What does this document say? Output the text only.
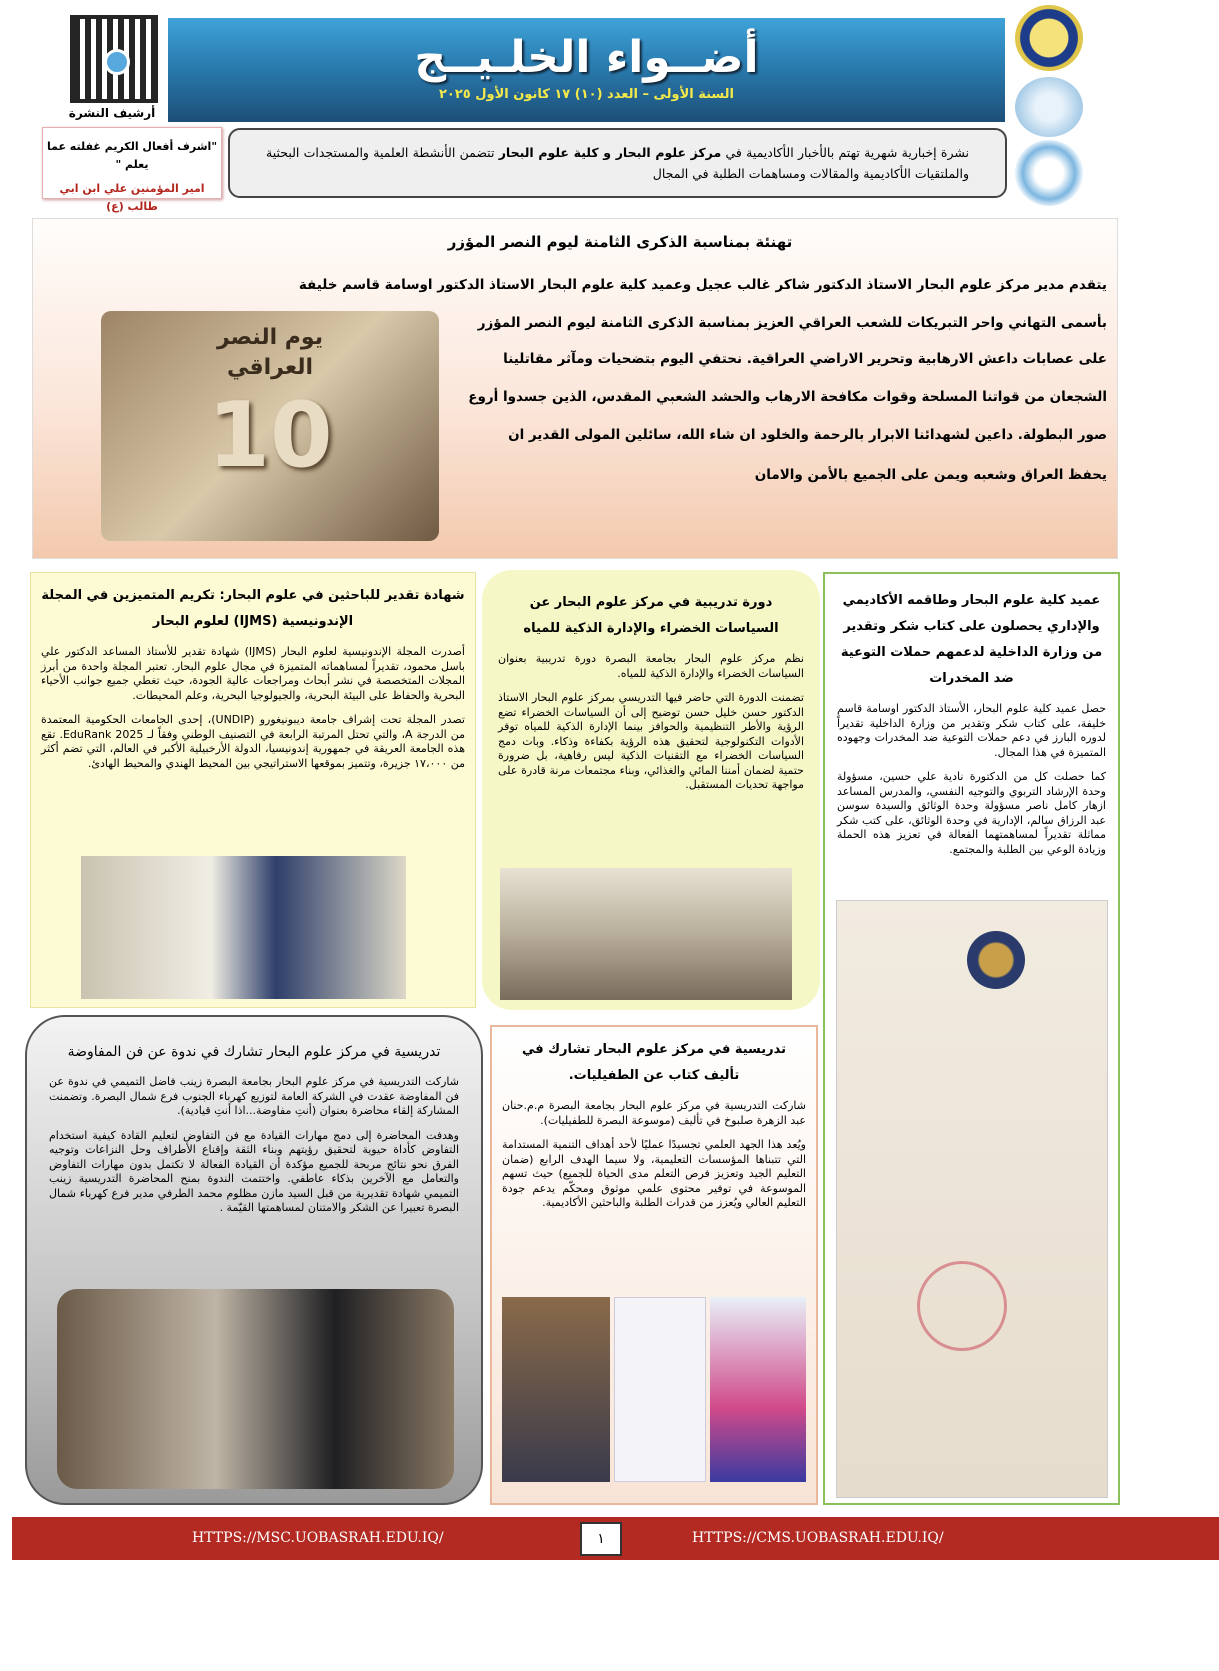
أضــواء الخلـيــج
السنة الأولى – العدد (١٠) ١٧ كانون الأول ٢٠٢٥
أرشيف النشرة
"اشرف أفعال الكريم غفلته عما يعلم "
امير المؤمنين علي ابن ابي طالب (ع)
نشرة إخبارية شهرية تهتم بالأخبار الأكاديمية في مركز علوم البحار و كلية علوم البحار تتضمن الأنشطة العلمية والمستجدات البحثية والملتقيات الأكاديمية والمقالات ومساهمات الطلبة في المجال
تهنئة بمناسبة الذكرى الثامنة ليوم النصر المؤزر
يتقدم مدير مركز علوم البحار الاستاذ الدكتور شاكر غالب عجيل وعميد كلية علوم البحار الاستاذ الدكتور اوسامة قاسم خليفة
بأسمى التهاني واحر التبريكات للشعب العراقي العزيز بمناسبة الذكرى الثامنة ليوم النصر المؤزر
على عصابات داعش الارهابية وتحرير الاراضي العراقية. نحتفي اليوم بتضحيات ومآثر مقاتلينا
الشجعان من قواتنا المسلحة وقوات مكافحة الارهاب والحشد الشعبي المقدس، الذين جسدوا أروع
صور البطولة. داعين لشهدائنا الابرار بالرحمة والخلود ان شاء الله، سائلين المولى القدير ان
يحفظ العراق وشعبه ويمن على الجميع بالأمن والامان
يوم النصر العراقي
10
شهادة تقدير للباحثين في علوم البحار: تكريم المتميزين في المجلة الإندونيسية (IJMS) لعلوم البحار

أصدرت المجلة الإندونيسية لعلوم البحار (IJMS) شهادة تقدير للأستاذ المساعد الدكتور علي باسل محمود، تقديراً لمساهماته المتميزة في مجال علوم البحار. تعتبر المجلة واحدة من أبرز المجلات المتخصصة في نشر أبحاث ومراجعات عالية الجودة، حيث تغطي جميع جوانب الأحياء البحرية والحفاظ على البيئة البحرية، والجيولوجيا البحرية، وعلم المحيطات.

تصدر المجلة تحت إشراف جامعة ديبونيغورو (UNDIP)، إحدى الجامعات الحكومية المعتمدة من الدرجة A، والتي تحتل المرتبة الرابعة في التصنيف الوطني وفقاً لـ EduRank 2025. تقع هذه الجامعة العريقة في جمهورية إندونيسيا، الدولة الأرخبيلية الأكبر في العالم، التي تضم أكثر من ١٧،٠٠٠ جزيرة، وتتميز بموقعها الاستراتيجي بين المحيط الهندي والمحيط الهادئ.

دورة تدريبية في مركز علوم البحار عن السياسات الخضراء والإدارة الذكية للمياه

نظم مركز علوم البحار بجامعة البصرة دورة تدريبية بعنوان السياسات الخضراء والإدارة الذكية للمياه.

تضمنت الدورة التي حاضر فيها التدريسي بمركز علوم البحار الاستاذ الدكتور حسن خليل حسن توضيح إلى أن السياسات الخضراء تضع الرؤية والأطر التنظيمية والحوافز بينما الإدارة الذكية للمياه توفر الأدوات التكنولوجية لتحقيق هذه الرؤية بكفاءة وذكاء. وبات دمج السياسات الخضراء مع التقنيات الذكية ليس رفاهية، بل ضرورة حتمية لضمان أمننا المائي والغذائي، وبناء مجتمعات مرنة قادرة على مواجهة تحديات المستقبل.

عميد كلية علوم البحار وطاقمه الأكاديمي والإداري يحصلون على كتاب شكر وتقدير من وزارة الداخلية لدعمهم حملات التوعية ضد المخدرات

حصل عميد كلية علوم البحار، الأستاذ الدكتور اوسامة قاسم خليفة، على كتاب شكر وتقدير من وزارة الداخلية تقديراً لدوره البارز في دعم حملات التوعية ضد المخدرات وجهوده المتميزة في هذا المجال.

كما حصلت كل من الدكتورة نادية علي حسين، مسؤولة وحدة الإرشاد التربوي والتوجيه النفسي، والمدرس المساعد ازهار كامل ناصر مسؤولة وحدة الوثائق والسيدة سوسن عبد الرزاق سالم، الإدارية في وحدة الوثائق، على كتب شكر مماثلة تقديراً لمساهمتهما الفعالة في تعزيز هذه الحملة وزيادة الوعي بين الطلبة والمجتمع.

تدريسية في مركز علوم البحار تشارك في ندوة عن فن المفاوضة

شاركت التدريسية في مركز علوم البحار بجامعة البصرة زينب فاضل التميمي في ندوة عن فن المفاوضة عقدت في الشركة العامة لتوزيع كهرباء الجنوب فرع شمال البصرة. وتضمنت المشاركة إلقاء محاضرة بعنوان (أنتِ مفاوضة...اذا أنتِ قيادية).

وهدفت المحاضرة إلى دمج مهارات القيادة مع فن التفاوض لتعليم القادة كيفية استخدام التفاوض كأداة حيوية لتحقيق رؤيتهم وبناء الثقة وإقناع الأطراف وحل النزاعات وتوجيه الفرق نحو نتائج مربحة للجميع مؤكدة أن القيادة الفعالة لا تكتمل بدون مهارات التفاوض والتعامل مع الآخرين بذكاء عاطفي. واختتمت الندوة بمنح المحاضرة التدريسية زينب التميمي شهادة تقديرية من قبل السيد مازن مظلوم محمد الطرفي مدير فرع كهرباء شمال البصرة تعبيرا عن الشكر والامتنان لمساهمتها القيّمة .

تدريسية في مركز علوم البحار تشارك في تأليف كتاب عن الطفيليات.

شاركت التدريسية في مركز علوم البحار بجامعة البصرة م.م.حنان عبد الزهرة صلبوخ في تأليف (موسوعة البصرة للطفيليات).

ويُعد هذا الجهد العلمي تجسيدًا عمليًا لأحد أهداف التنمية المستدامة التي تتبناها المؤسسات التعليمية، ولا سيما الهدف الرابع (ضمان التعليم الجيد وتعزيز فرص التعلم مدى الحياة للجميع) حيث تسهم الموسوعة في توفير محتوى علمي موثوق ومحكّم يدعم جودة التعليم العالي ويُعزز من قدرات الطلبة والباحثين الأكاديمية.

HTTPS://MSC.UOBASRAH.EDU.IQ/	١	HTTPS://CMS.UOBASRAH.EDU.IQ/
